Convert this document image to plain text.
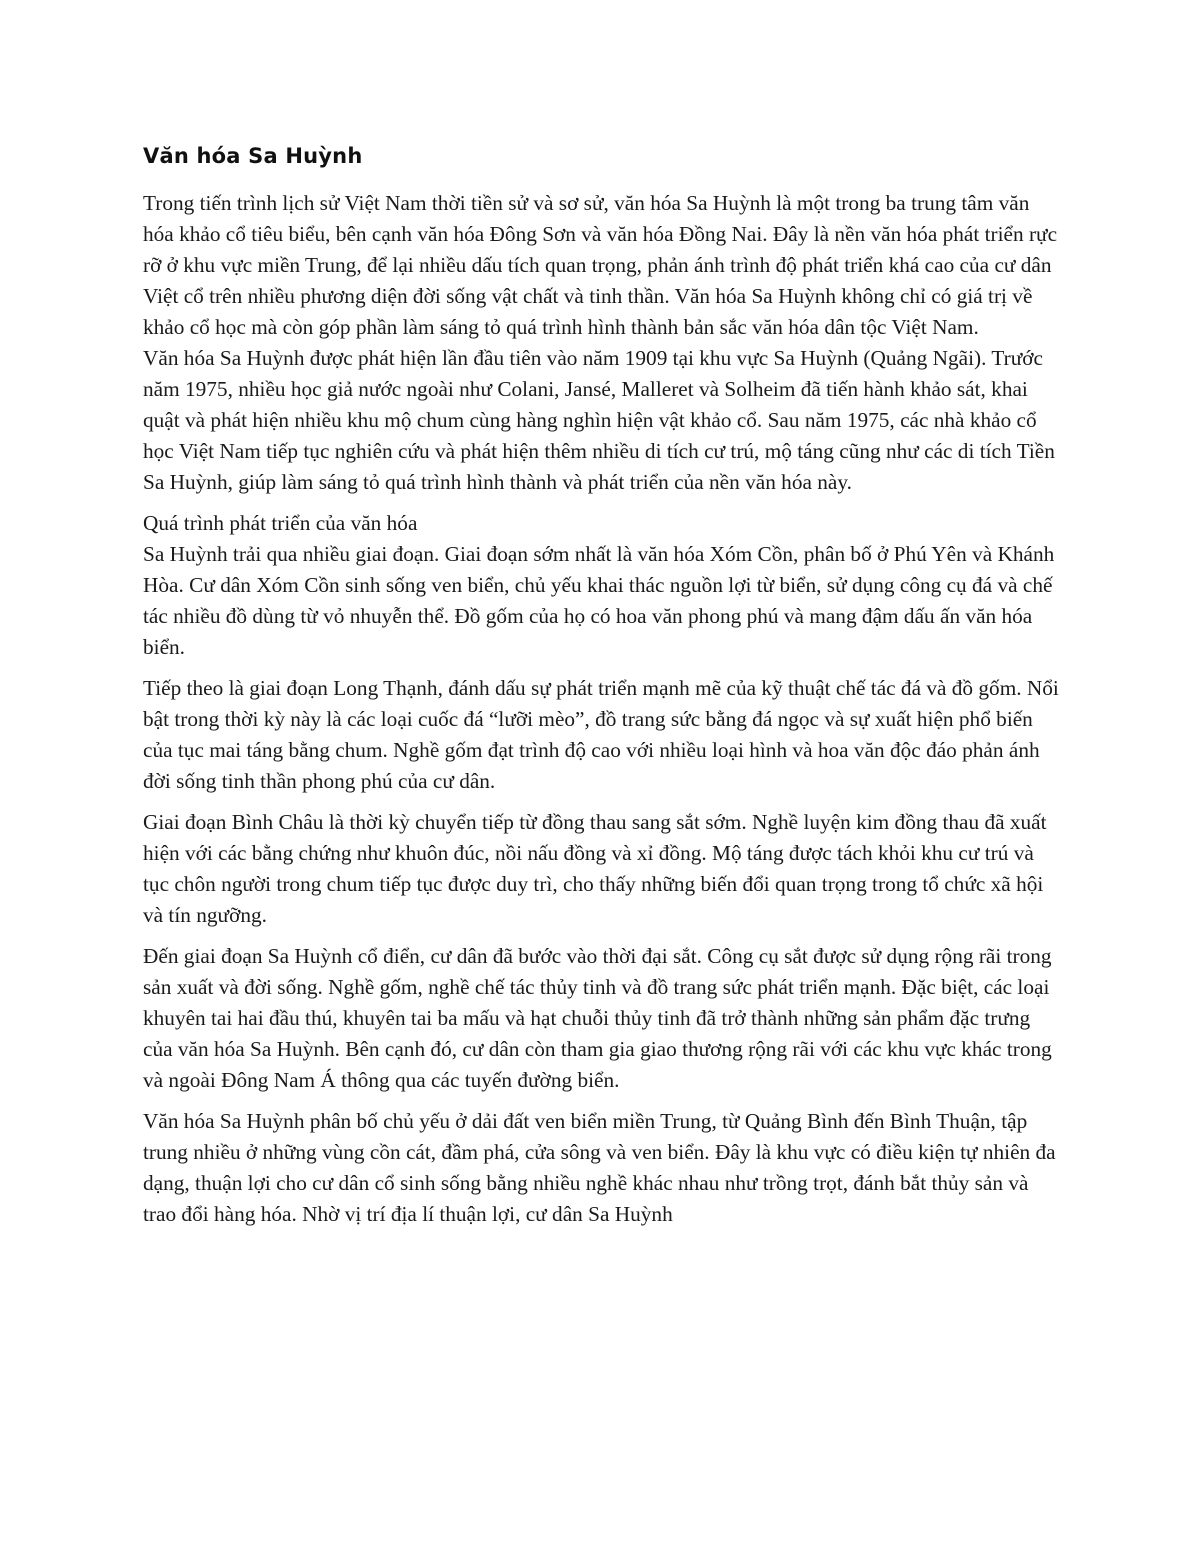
Văn hóa Sa Huỳnh

Trong tiến trình lịch sử Việt Nam thời tiền sử và sơ sử, văn hóa Sa Huỳnh là một trong ba trung tâm văn hóa khảo cổ tiêu biểu, bên cạnh văn hóa Đông Sơn và văn hóa Đồng Nai. Đây là nền văn hóa phát triển rực rỡ ở khu vực miền Trung, để lại nhiều dấu tích quan trọng, phản ánh trình độ phát triển khá cao của cư dân Việt cổ trên nhiều phương diện đời sống vật chất và tinh thần. Văn hóa Sa Huỳnh không chỉ có giá trị về khảo cổ học mà còn góp phần làm sáng tỏ quá trình hình thành bản sắc văn hóa dân tộc Việt Nam.

Văn hóa Sa Huỳnh được phát hiện lần đầu tiên vào năm 1909 tại khu vực Sa Huỳnh (Quảng Ngãi). Trước năm 1975, nhiều học giả nước ngoài như Colani, Jansé, Malleret và Solheim đã tiến hành khảo sát, khai quật và phát hiện nhiều khu mộ chum cùng hàng nghìn hiện vật khảo cổ. Sau năm 1975, các nhà khảo cổ học Việt Nam tiếp tục nghiên cứu và phát hiện thêm nhiều di tích cư trú, mộ táng cũng như các di tích Tiền Sa Huỳnh, giúp làm sáng tỏ quá trình hình thành và phát triển của nền văn hóa này.

Quá trình phát triển của văn hóa
Sa Huỳnh trải qua nhiều giai đoạn. Giai đoạn sớm nhất là văn hóa Xóm Cồn, phân bố ở Phú Yên và Khánh Hòa. Cư dân Xóm Cồn sinh sống ven biển, chủ yếu khai thác nguồn lợi từ biển, sử dụng công cụ đá và chế tác nhiều đồ dùng từ vỏ nhuyễn thể. Đồ gốm của họ có hoa văn phong phú và mang đậm dấu ấn văn hóa biển.

Tiếp theo là giai đoạn Long Thạnh, đánh dấu sự phát triển mạnh mẽ của kỹ thuật chế tác đá và đồ gốm. Nổi bật trong thời kỳ này là các loại cuốc đá “lưỡi mèo”, đồ trang sức bằng đá ngọc và sự xuất hiện phổ biến của tục mai táng bằng chum. Nghề gốm đạt trình độ cao với nhiều loại hình và hoa văn độc đáo phản ánh đời sống tinh thần phong phú của cư dân.

Giai đoạn Bình Châu là thời kỳ chuyển tiếp từ đồng thau sang sắt sớm. Nghề luyện kim đồng thau đã xuất hiện với các bằng chứng như khuôn đúc, nồi nấu đồng và xỉ đồng. Mộ táng được tách khỏi khu cư trú và tục chôn người trong chum tiếp tục được duy trì, cho thấy những biến đổi quan trọng trong tổ chức xã hội và tín ngưỡng.

Đến giai đoạn Sa Huỳnh cổ điển, cư dân đã bước vào thời đại sắt. Công cụ sắt được sử dụng rộng rãi trong sản xuất và đời sống. Nghề gốm, nghề chế tác thủy tinh và đồ trang sức phát triển mạnh. Đặc biệt, các loại khuyên tai hai đầu thú, khuyên tai ba mấu và hạt chuỗi thủy tinh đã trở thành những sản phẩm đặc trưng của văn hóa Sa Huỳnh. Bên cạnh đó, cư dân còn tham gia giao thương rộng rãi với các khu vực khác trong và ngoài Đông Nam Á thông qua các tuyến đường biển.

Văn hóa Sa Huỳnh phân bố chủ yếu ở dải đất ven biển miền Trung, từ Quảng Bình đến Bình Thuận, tập trung nhiều ở những vùng cồn cát, đầm phá, cửa sông và ven biển. Đây là khu vực có điều kiện tự nhiên đa dạng, thuận lợi cho cư dân cổ sinh sống bằng nhiều nghề khác nhau như trồng trọt, đánh bắt thủy sản và trao đổi hàng hóa. Nhờ vị trí địa lí thuận lợi, cư dân Sa Huỳnh
